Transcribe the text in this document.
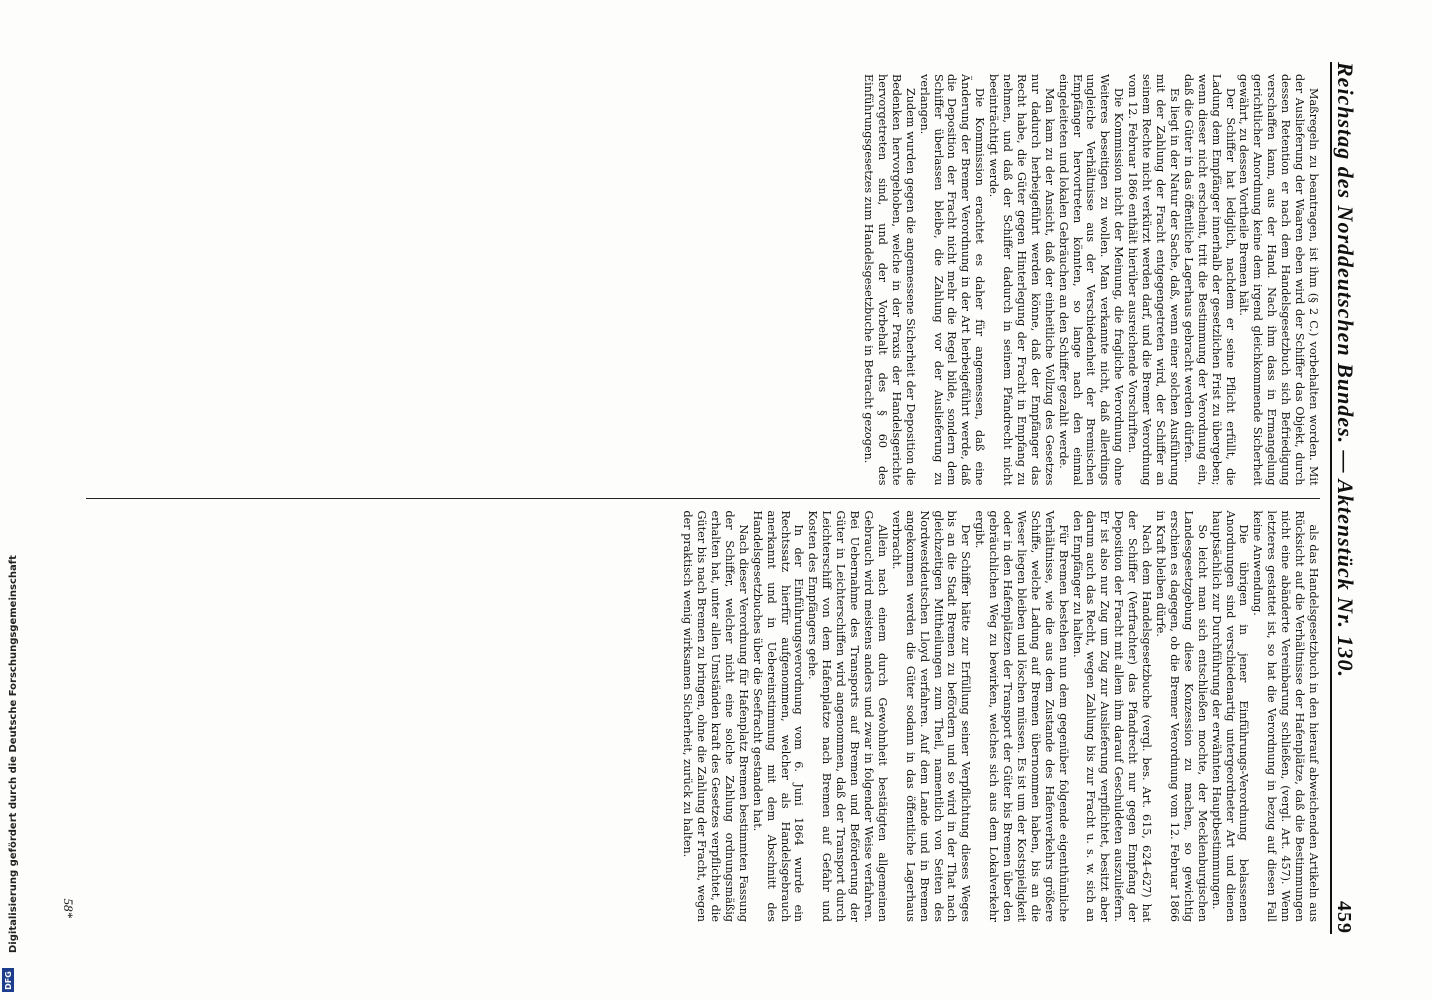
Digitalisierung gefördert durch die Deutsche Forschungsgemeinschaft
DFG
Reichstag des Norddeutschen Bundes. — Aktenstück Nr. 130.
459

Maßregeln zu beantragen, ist ihm (§ 2 C.) vorbehalten worden. Mit der Auslieferung der Waaren eben wird der Schiffer das Objekt, durch dessen Retention er nach dem Handelsgesetzbuch sich Befriedigung verschaffen kann, aus der Hand. Nach ihm dass in Ermangelung gerichtlicher Anordnung keine dem irgend gleichkommende Sicherheit gewährt, zu dessen Vortheile Bremen hält.

Der Schiffer hat lediglich, nachdem er seine Pflicht erfüllt, die Ladung dem Empfänger innerhalb der gesetzlichen Frist zu übergeben; wenn dieser nicht erscheint, tritt die Bestimmung der Verordnung ein, daß die Güter in das öffentliche Lagerhaus gebracht werden dürfen.

Es liegt in der Natur der Sache, daß, wenn einer solchen Ausführung mit der Zahlung der Fracht entgegengetreten wird, der Schiffer an seinem Rechte nicht verkürzt werden darf, und die Bremer Verordnung vom 12. Februar 1866 enthält hierüber ausreichende Vorschriften.

Die Kommission nicht der Meinung, die fragliche Verordnung ohne Weiteres beseitigen zu wollen. Man verkannte nicht, daß allerdings ungleiche Verhältnisse aus der Verschiedenheit der Bremischen Empfänger hervortreten könnten, so lange nach den einmal eingeleiteten und lokalen Gebräuchen an den Schiffer gezahlt werde.

Man kam zu der Ansicht, daß der einheitliche Vollzug des Gesetzes nur dadurch herbeigeführt werden könne, daß der Empfänger das Recht habe, die Güter gegen Hinterlegung der Fracht in Empfang zu nehmen, und daß der Schiffer dadurch in seinem Pfandrecht nicht beeinträchtigt werde.

Die Kommission erachtet es daher für angemessen, daß eine Änderung der Bremer Verordnung in der Art herbeigeführt werde, daß die Deposition der Fracht nicht mehr die Regel bilde, sondern dem Schiffer überlassen bleibe, die Zahlung vor der Auslieferung zu verlangen.

Zudem wurden gegen die angemessene Sicherheit der Deposition die Bedenken hervorgehoben, welche in der Praxis der Handelsgerichte hervorgetreten sind, und der Vorbehalt des § 60 des Einführungsgesetzes zum Handelsgesetzbuche in Betracht gezogen.

als das Handelsgesetzbuch in den hierauf abweichenden Artikeln aus Rücksicht auf die Verhältnisse der Hafenplätze, daß die Bestimmungen nicht eine abänderte Vereinbarung schließen, (vergl. Art. 457). Wenn letzteres gestattet ist, so hat die Verordnung in bezug auf diesen Fall keine Anwendung.

Die übrigen in jener Einführungs-Verordnung belassenen Anordnungen sind verschiedenartig untergeordneter Art und dienen hauptsächlich zur Durchführung der erwähnten Hauptbestimmungen.

So leicht man sich entschließen mochte, der Mecklenburgischen Landesgesetzgebung diese Konzession zu machen, so gewichtig erschien es dagegen, ob die Bremer Verordnung vom 12. Februar 1866 in Kraft bleiben dürfe.

Nach dem Handelsgesetzbuche (vergl. bes. Art. 615, 624–627) hat der Schiffer (Verfrachter) das Pfandrecht nur gegen Empfang der Deposition der Fracht mit allem ihm darauf Geschuldeten auszuliefern. Er ist also nur Zug um Zug zur Auslieferung verpflichtet, besitzt aber darum auch das Recht, wegen Zahlung bis zur Fracht u. s. w. sich an den Empfänger zu halten.

Für Bremen bestehen nun dem gegenüber folgende eigenthümliche Verhältnisse, wie die aus dem Zustande des Hafenverkehrs größere Schiffe, welche Ladung auf Bremen übernommen haben, bis an die Weser liegen bleiben und löschen müssen. Es ist um der Kostspieligkeit oder in den Hafenplätzen der Transport der Güter bis Bremen über den gebräuchlichen Weg zu bewirken, welches sich aus dem Lokalverkehr ergibt.

Der Schiffer hätte zur Erfüllung seiner Verpflichtung dieses Weges bis an die Stadt Bremen zu befördern und so wird in der That nach gleichzeitigen Mittheilungen zum Theil, namentlich von Seiten des Nordwestdeutschen Lloyd verfahren. Auf dem Lande und in Bremen angekommen werden die Güter sodann in das öffentliche Lagerhaus verbracht.

Allein nach einem durch Gewohnheit bestätigten allgemeinen Gebrauch wird meistens anders und zwar in folgender Weise verfahren. Bei Uebernahme des Transports auf Bremen und Beförderung der Güter in Leichterschiffen wird angenommen, daß der Transport durch Leichterschiff von dem Hafenplatze nach Bremen auf Gefahr und Kosten des Empfängers gehe.

In der Einführungsverordnung vom 6. Juni 1864 wurde ein Rechtssatz hierfür aufgenommen, welcher als Handelsgebrauch anerkannt und in Uebereinstimmung mit dem Abschnitt des Handelsgesetzbuches über die Seefracht gestanden hat.

Nach dieser Verordnung für Hafenplatz Bremen bestimmten Fassung der Schiffer, welcher nicht eine solche Zahlung ordnungsmäßig erhalten hat, unter allen Umständen kraft des Gesetzes verpflichtet, die Güter bis nach Bremen zu bringen, ohne die Zahlung der Fracht, wegen der praktisch wenig wirksamen Sicherheit, zurück zu halten.

58*
